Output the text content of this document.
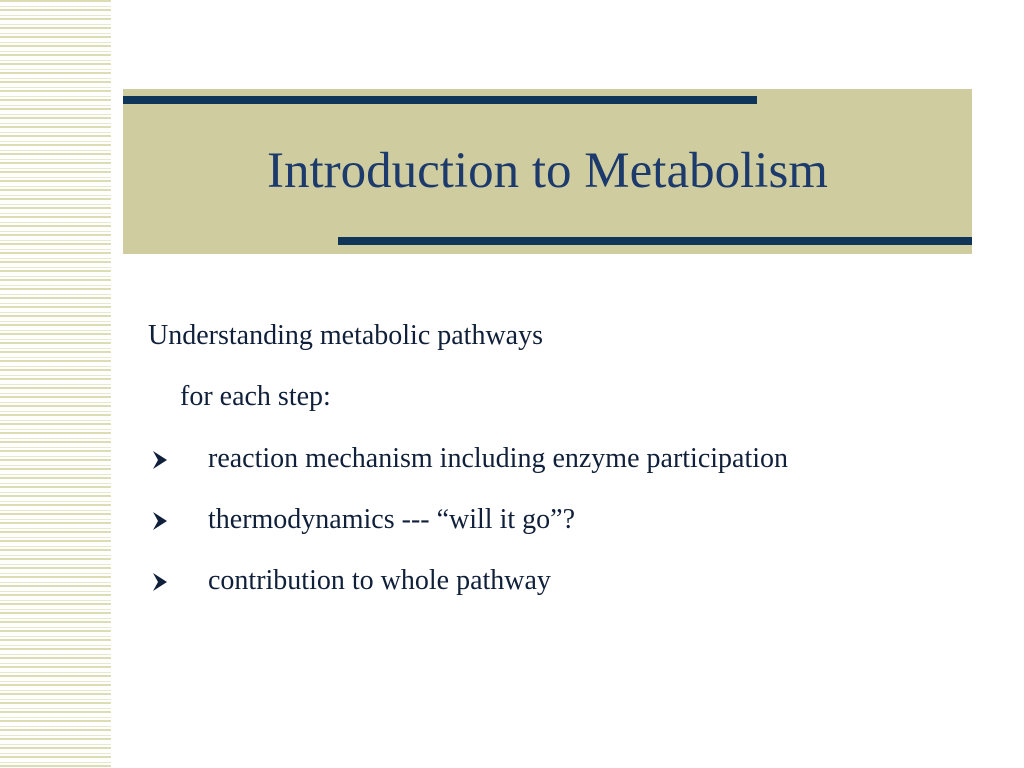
Introduction to Metabolism

Understanding metabolic pathways

for each step:

reaction mechanism including enzyme participation

thermodynamics --- “will it go”?

contribution to whole pathway
